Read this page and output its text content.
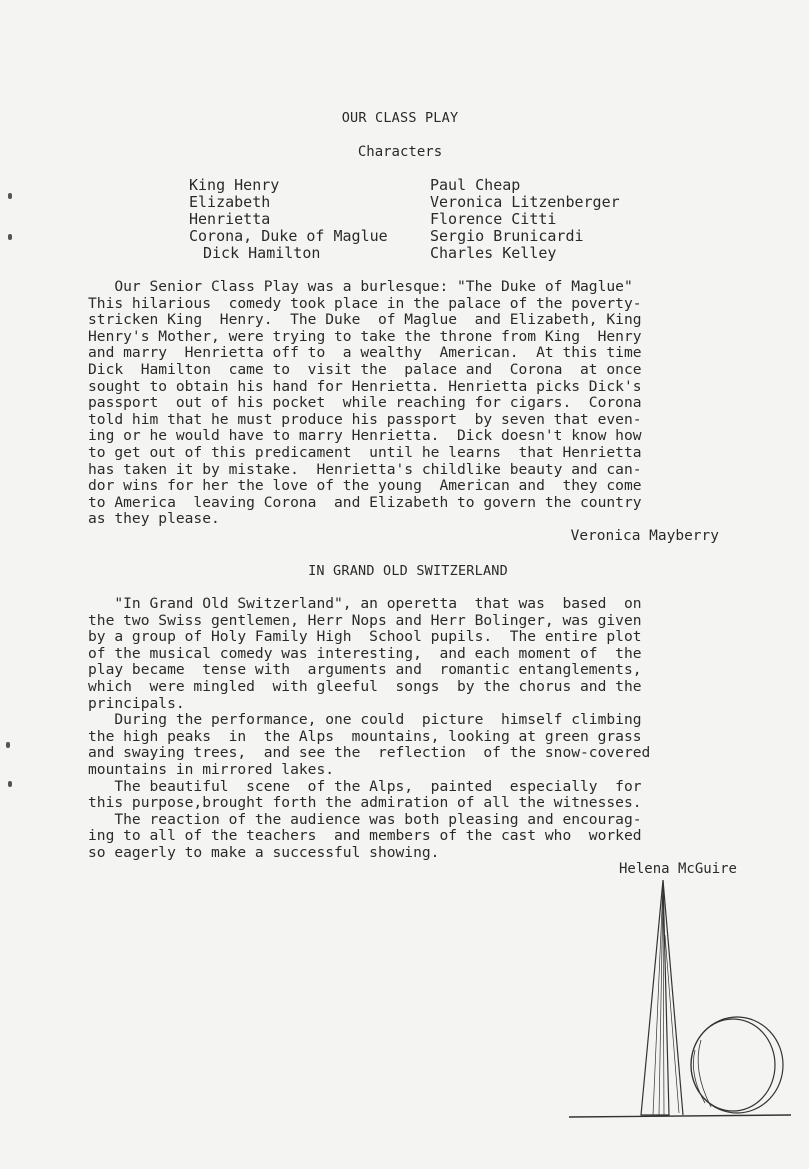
OUR CLASS PLAY
Characters
King Henry	Paul Cheap
Elizabeth	Veronica Litzenberger
Henrietta	Florence Citti
Corona, Duke of Maglue	Sergio Brunicardi
Dick Hamilton	Charles Kelley
Our Senior Class Play was a burlesque: "The Duke of Maglue"
This hilarious  comedy took place in the palace of the poverty-
stricken King  Henry.  The Duke  of Maglue  and Elizabeth, King
Henry's Mother, were trying to take the throne from King  Henry
and marry  Henrietta off to  a wealthy  American.  At this time
Dick  Hamilton  came to  visit the  palace and  Corona  at once
sought to obtain his hand for Henrietta. Henrietta picks Dick's
passport  out of his pocket  while reaching for cigars.  Corona
told him that he must produce his passport  by seven that even-
ing or he would have to marry Henrietta.  Dick doesn't know how
to get out of this predicament  until he learns  that Henrietta
has taken it by mistake.  Henrietta's childlike beauty and can-
dor wins for her the love of the young  American and  they come
to America  leaving Corona  and Elizabeth to govern the country
as they please.
Veronica Mayberry
IN GRAND OLD SWITZERLAND
"In Grand Old Switzerland", an operetta  that was  based  on
the two Swiss gentlemen, Herr Nops and Herr Bolinger, was given
by a group of Holy Family High  School pupils.  The entire plot
of the musical comedy was interesting,  and each moment of  the
play became  tense with  arguments and  romantic entanglements,
which  were mingled  with gleeful  songs  by the chorus and the
principals.
During the performance, one could  picture  himself climbing
the high peaks  in  the Alps  mountains, looking at green grass
and swaying trees,  and see the  reflection  of the snow-covered
mountains in mirrored lakes.
The beautiful  scene  of the Alps,  painted  especially  for
this purpose,brought forth the admiration of all the witnesses.
The reaction of the audience was both pleasing and encourag-
ing to all of the teachers  and members of the cast who  worked
so eagerly to make a successful showing.
Helena McGuire
